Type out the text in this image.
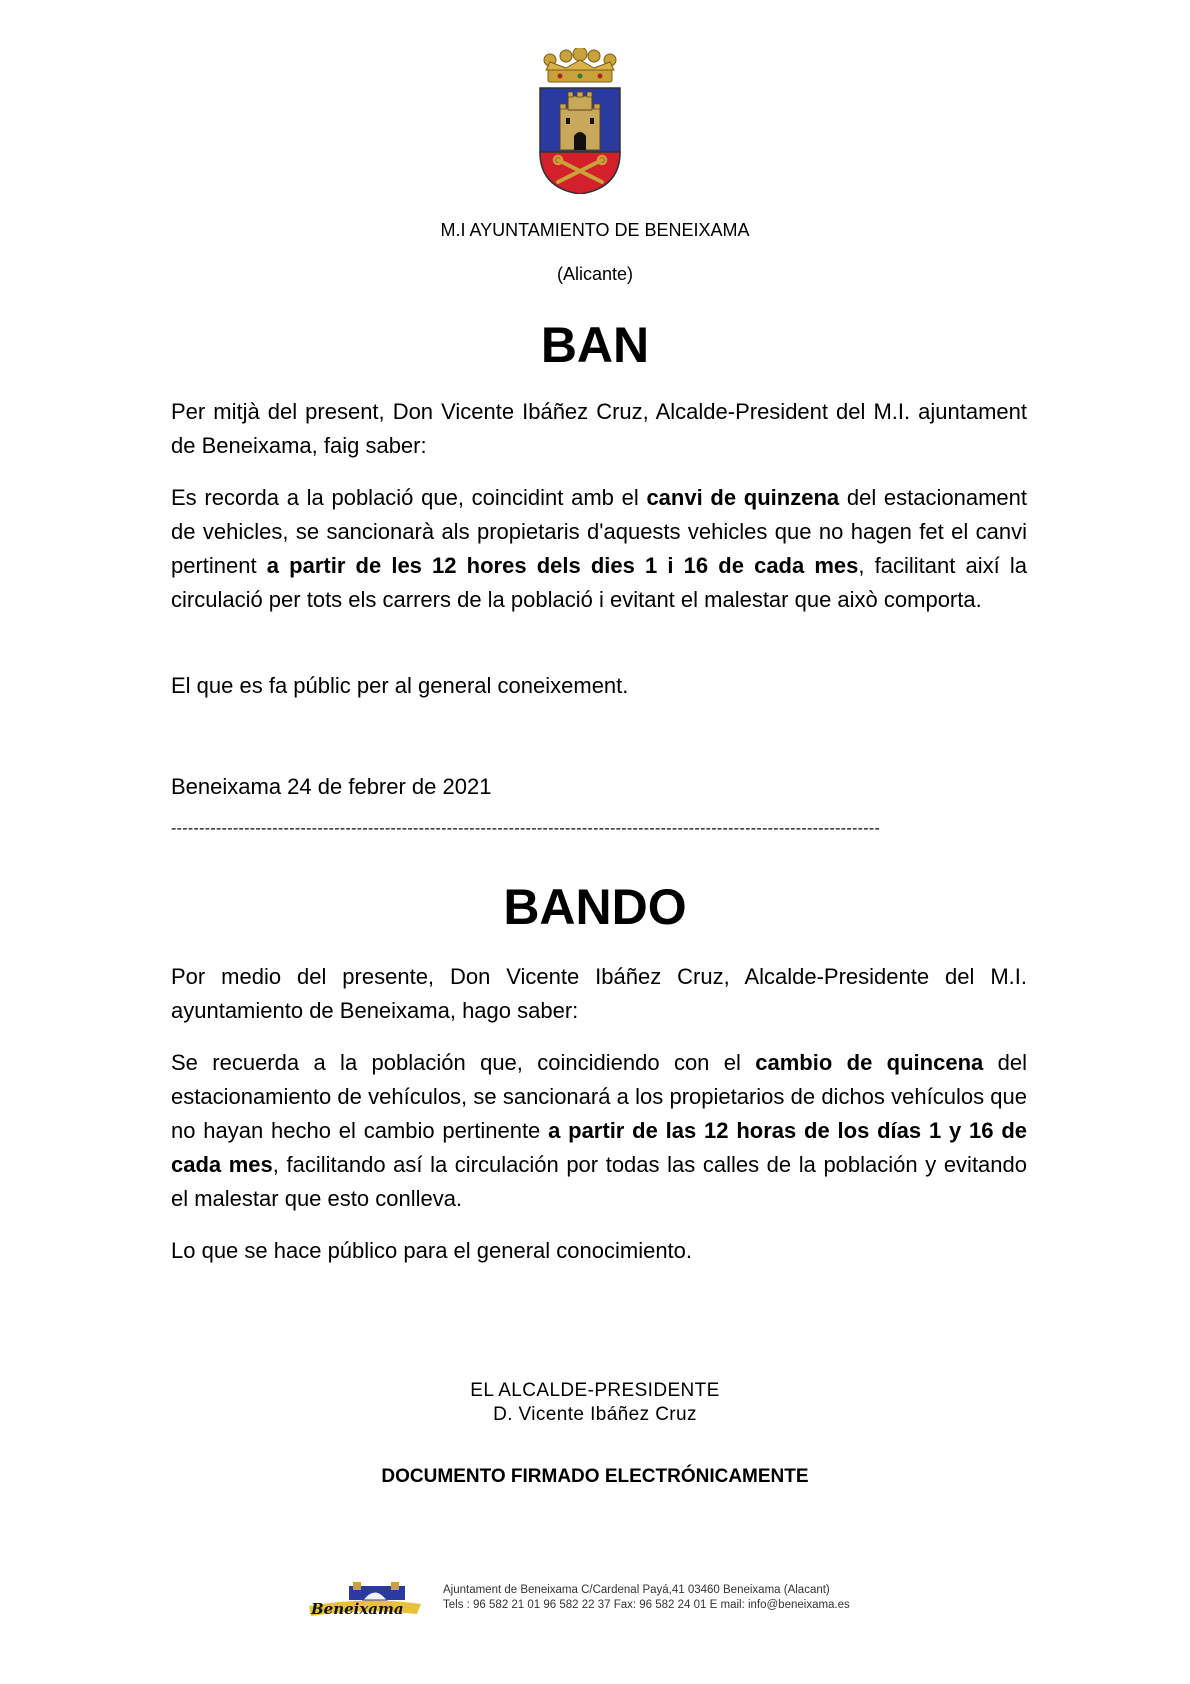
M.I AYUNTAMIENTO DE BENEIXAMA
(Alicante)
BAN
Per mitjà del present, Don Vicente Ibáñez Cruz, Alcalde-President del M.I. ajuntament de Beneixama, faig saber:
Es recorda a la població que, coincidint amb el canvi de quinzena del estacionament de vehicles, se sancionarà als propietaris d'aquests vehicles que no hagen fet el canvi pertinent a partir de les 12 hores dels dies 1 i 16 de cada mes, facilitant així la circulació per tots els carrers de la població i evitant el malestar que això comporta.
El que es fa públic per al general coneixement.
Beneixama 24 de febrer de 2021
------------------------------------------------------------------------------------------------------------------------------
BANDO
Por medio del presente, Don Vicente Ibáñez Cruz, Alcalde-Presidente del M.I. ayuntamiento de Beneixama, hago saber:
Se recuerda a la población que, coincidiendo con el cambio de quincena del estacionamiento de vehículos, se sancionará a los propietarios de dichos vehículos que no hayan hecho el cambio pertinente a partir de las 12 horas de los días 1 y 16 de cada mes, facilitando así la circulación por todas las calles de la población y evitando el malestar que esto conlleva.
Lo que se hace público para el general conocimiento.
EL ALCALDE-PRESIDENTE
D. Vicente Ibáñez Cruz
DOCUMENTO FIRMADO ELECTRÓNICAMENTE
Beneixama
Ajuntament de Beneixama C/Cardenal Payá,41 03460 Beneixama (Alacant)
Tels : 96 582 21 01 96 582 22 37 Fax: 96 582 24 01 E mail: info@beneixama.es
